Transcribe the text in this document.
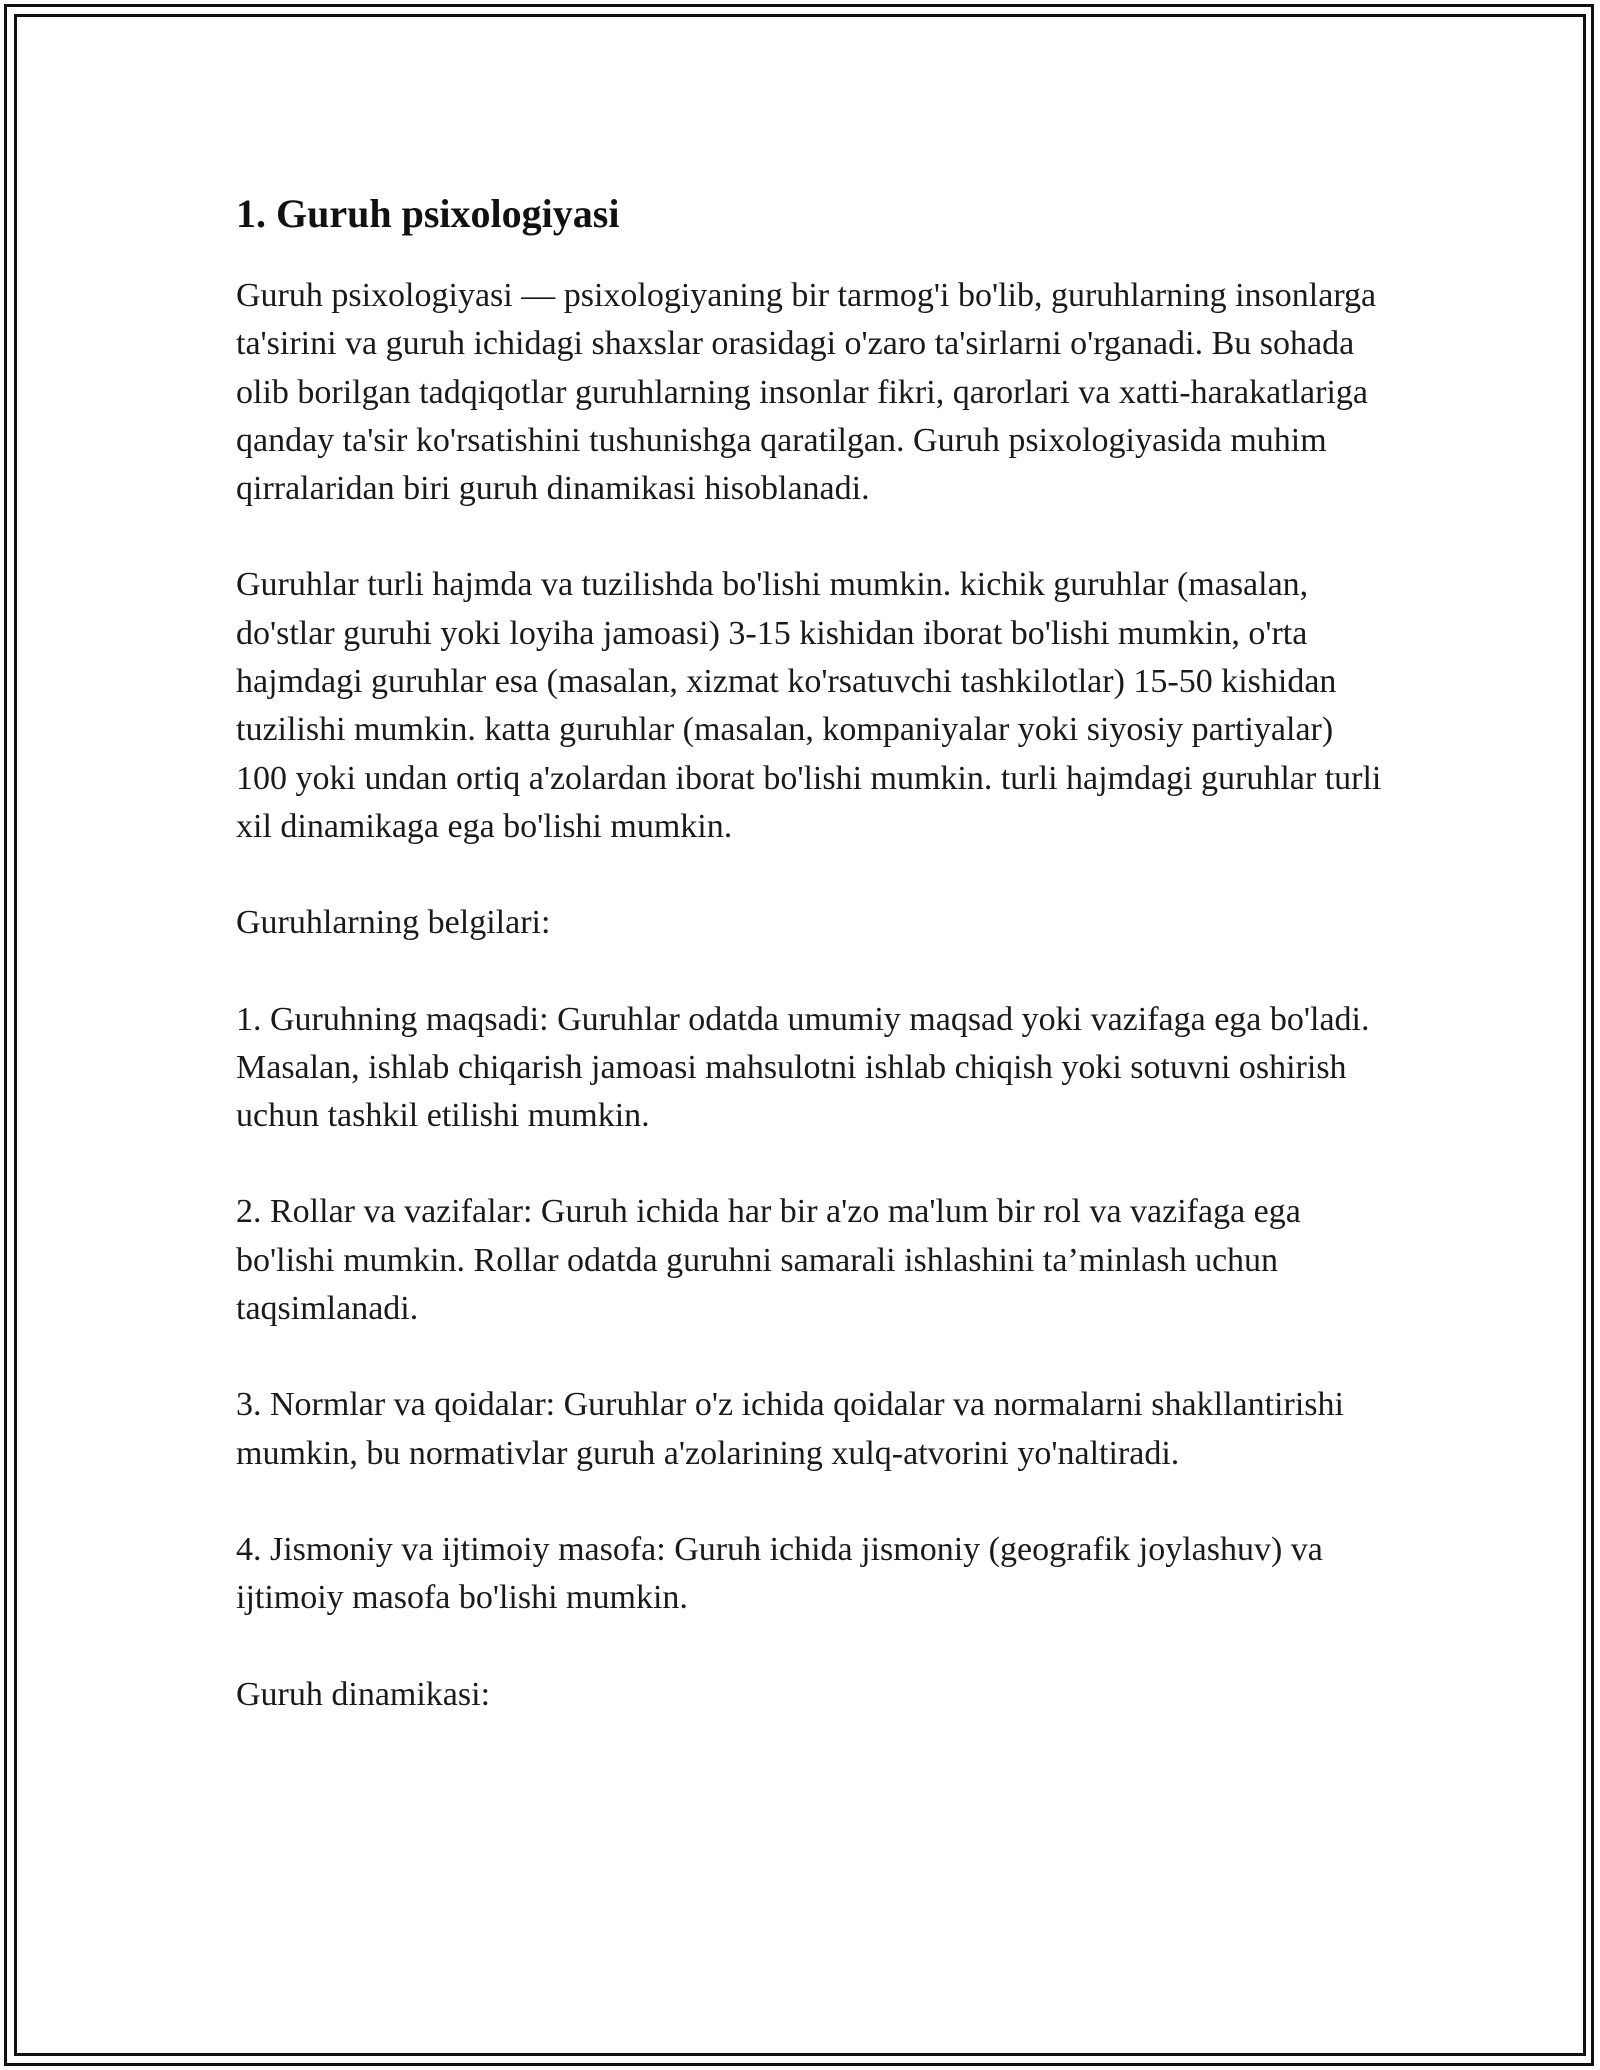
1. Guruh psixologiyasi

Guruh psixologiyasi — psixologiyaning bir tarmog'i bo'lib, guruhlarning insonlarga ta'sirini va guruh ichidagi shaxslar orasidagi o'zaro ta'sirlarni o'rganadi. Bu sohada olib borilgan tadqiqotlar guruhlarning insonlar fikri, qarorlari va xatti-harakatlariga qanday ta'sir ko'rsatishini tushunishga qaratilgan. Guruh psixologiyasida muhim qirralaridan biri guruh dinamikasi hisoblanadi.

Guruhlar turli hajmda va tuzilishda bo'lishi mumkin. kichik guruhlar (masalan, do'stlar guruhi yoki loyiha jamoasi) 3-15 kishidan iborat bo'lishi mumkin, o'rta hajmdagi guruhlar esa (masalan, xizmat ko'rsatuvchi tashkilotlar) 15-50 kishidan tuzilishi mumkin. katta guruhlar (masalan, kompaniyalar yoki siyosiy partiyalar) 100 yoki undan ortiq a'zolardan iborat bo'lishi mumkin. turli hajmdagi guruhlar turli xil dinamikaga ega bo'lishi mumkin.

Guruhlarning belgilari:

1. Guruhning maqsadi: Guruhlar odatda umumiy maqsad yoki vazifaga ega bo'ladi. Masalan, ishlab chiqarish jamoasi mahsulotni ishlab chiqish yoki sotuvni oshirish uchun tashkil etilishi mumkin.

2. Rollar va vazifalar: Guruh ichida har bir a'zo ma'lum bir rol va vazifaga ega bo'lishi mumkin. Rollar odatda guruhni samarali ishlashini ta’minlash uchun taqsimlanadi.

3. Normlar va qoidalar: Guruhlar o'z ichida qoidalar va normalarni shakllantirishi mumkin, bu normativlar guruh a'zolarining xulq-atvorini yo'naltiradi.

4. Jismoniy va ijtimoiy masofa: Guruh ichida jismoniy (geografik joylashuv) va ijtimoiy masofa bo'lishi mumkin.

Guruh dinamikasi:
